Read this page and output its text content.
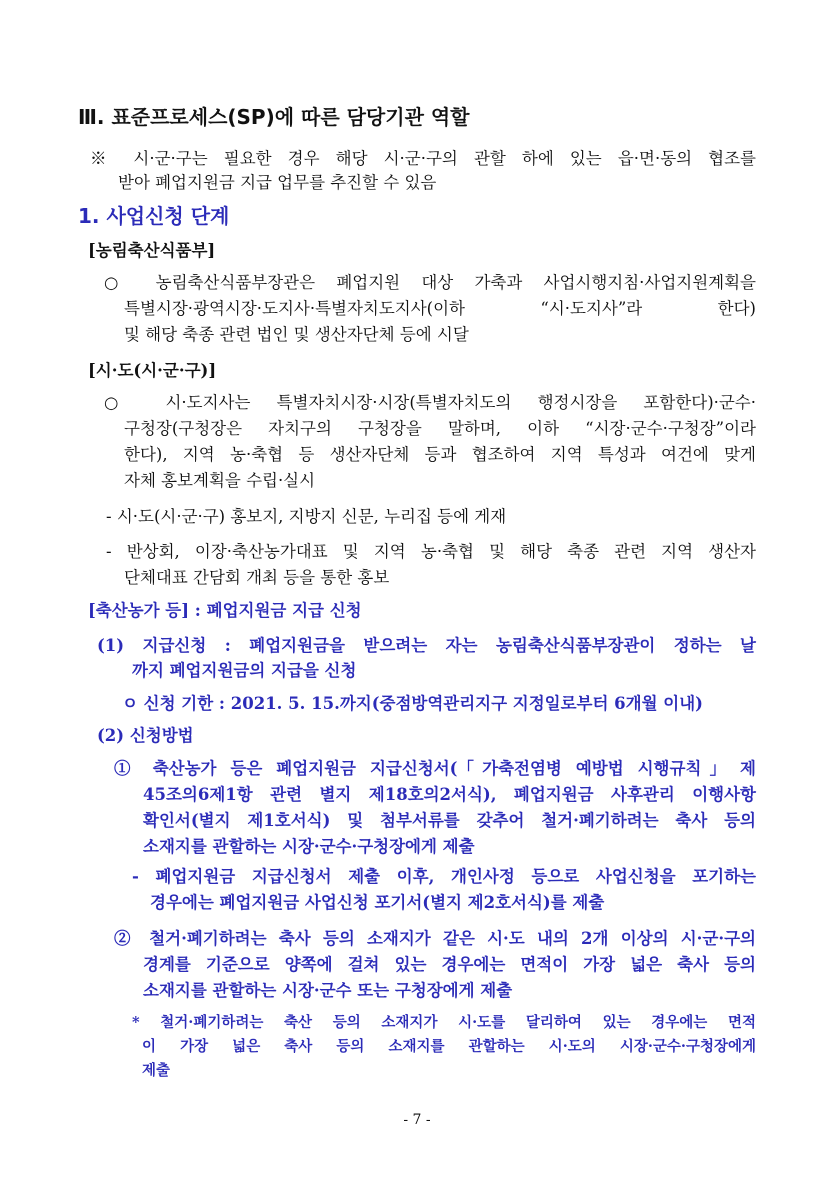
Ⅲ. 표준프로세스(SP)에 따른 담당기관 역할
※ 시·군·구는 필요한 경우 해당 시·군·구의 관할 하에 있는 읍·면·동의 협조를
받아 폐업지원금 지급 업무를 추진할 수 있음
1. 사업신청 단계
[농림축산식품부]
○ 농림축산식품부장관은 폐업지원 대상 가축과 사업시행지침·사업지원계획을
특별시장·광역시장·도지사·특별자치도지사(이하 “시·도지사”라 한다)
및 해당 축종 관련 법인 및 생산자단체 등에 시달
[시·도(시·군·구)]
○ 시·도지사는 특별자치시장·시장(특별자치도의 행정시장을 포함한다)·군수·
구청장(구청장은 자치구의 구청장을 말하며, 이하 “시장·군수·구청장”이라
한다), 지역 농·축협 등 생산자단체 등과 협조하여 지역 특성과 여건에 맞게
자체 홍보계획을 수립·실시
- 시·도(시·군·구) 홍보지, 지방지 신문, 누리집 등에 게재
- 반상회, 이장·축산농가대표 및 지역 농·축협 및 해당 축종 관련 지역 생산자
단체대표 간담회 개최 등을 통한 홍보
[축산농가 등] : 폐업지원금 지급 신청
(1) 지급신청 : 폐업지원금을 받으려는 자는 농림축산식품부장관이 정하는 날
까지 폐업지원금의 지급을 신청
ㅇ 신청 기한 : 2021. 5. 15.까지(중점방역관리지구 지정일로부터 6개월 이내)
(2) 신청방법
① 축산농가 등은 폐업지원금 지급신청서(｢가축전염병 예방법 시행규칙｣ 제
45조의6제1항 관련 별지 제18호의2서식), 폐업지원금 사후관리 이행사항
확인서(별지 제1호서식) 및 첨부서류를 갖추어 철거·폐기하려는 축사 등의
소재지를 관할하는 시장·군수·구청장에게 제출
- 폐업지원금 지급신청서 제출 이후, 개인사정 등으로 사업신청을 포기하는
경우에는 폐업지원금 사업신청 포기서(별지 제2호서식)를 제출
② 철거·폐기하려는 축사 등의 소재지가 같은 시·도 내의 2개 이상의 시·군·구의
경계를 기준으로 양쪽에 걸쳐 있는 경우에는 면적이 가장 넓은 축사 등의
소재지를 관할하는 시장·군수 또는 구청장에게 제출
* 철거·폐기하려는 축산 등의 소재지가 시·도를 달리하여 있는 경우에는 면적
이 가장 넓은 축사 등의 소재지를 관할하는 시·도의 시장·군수·구청장에게
제출
- 7 -
